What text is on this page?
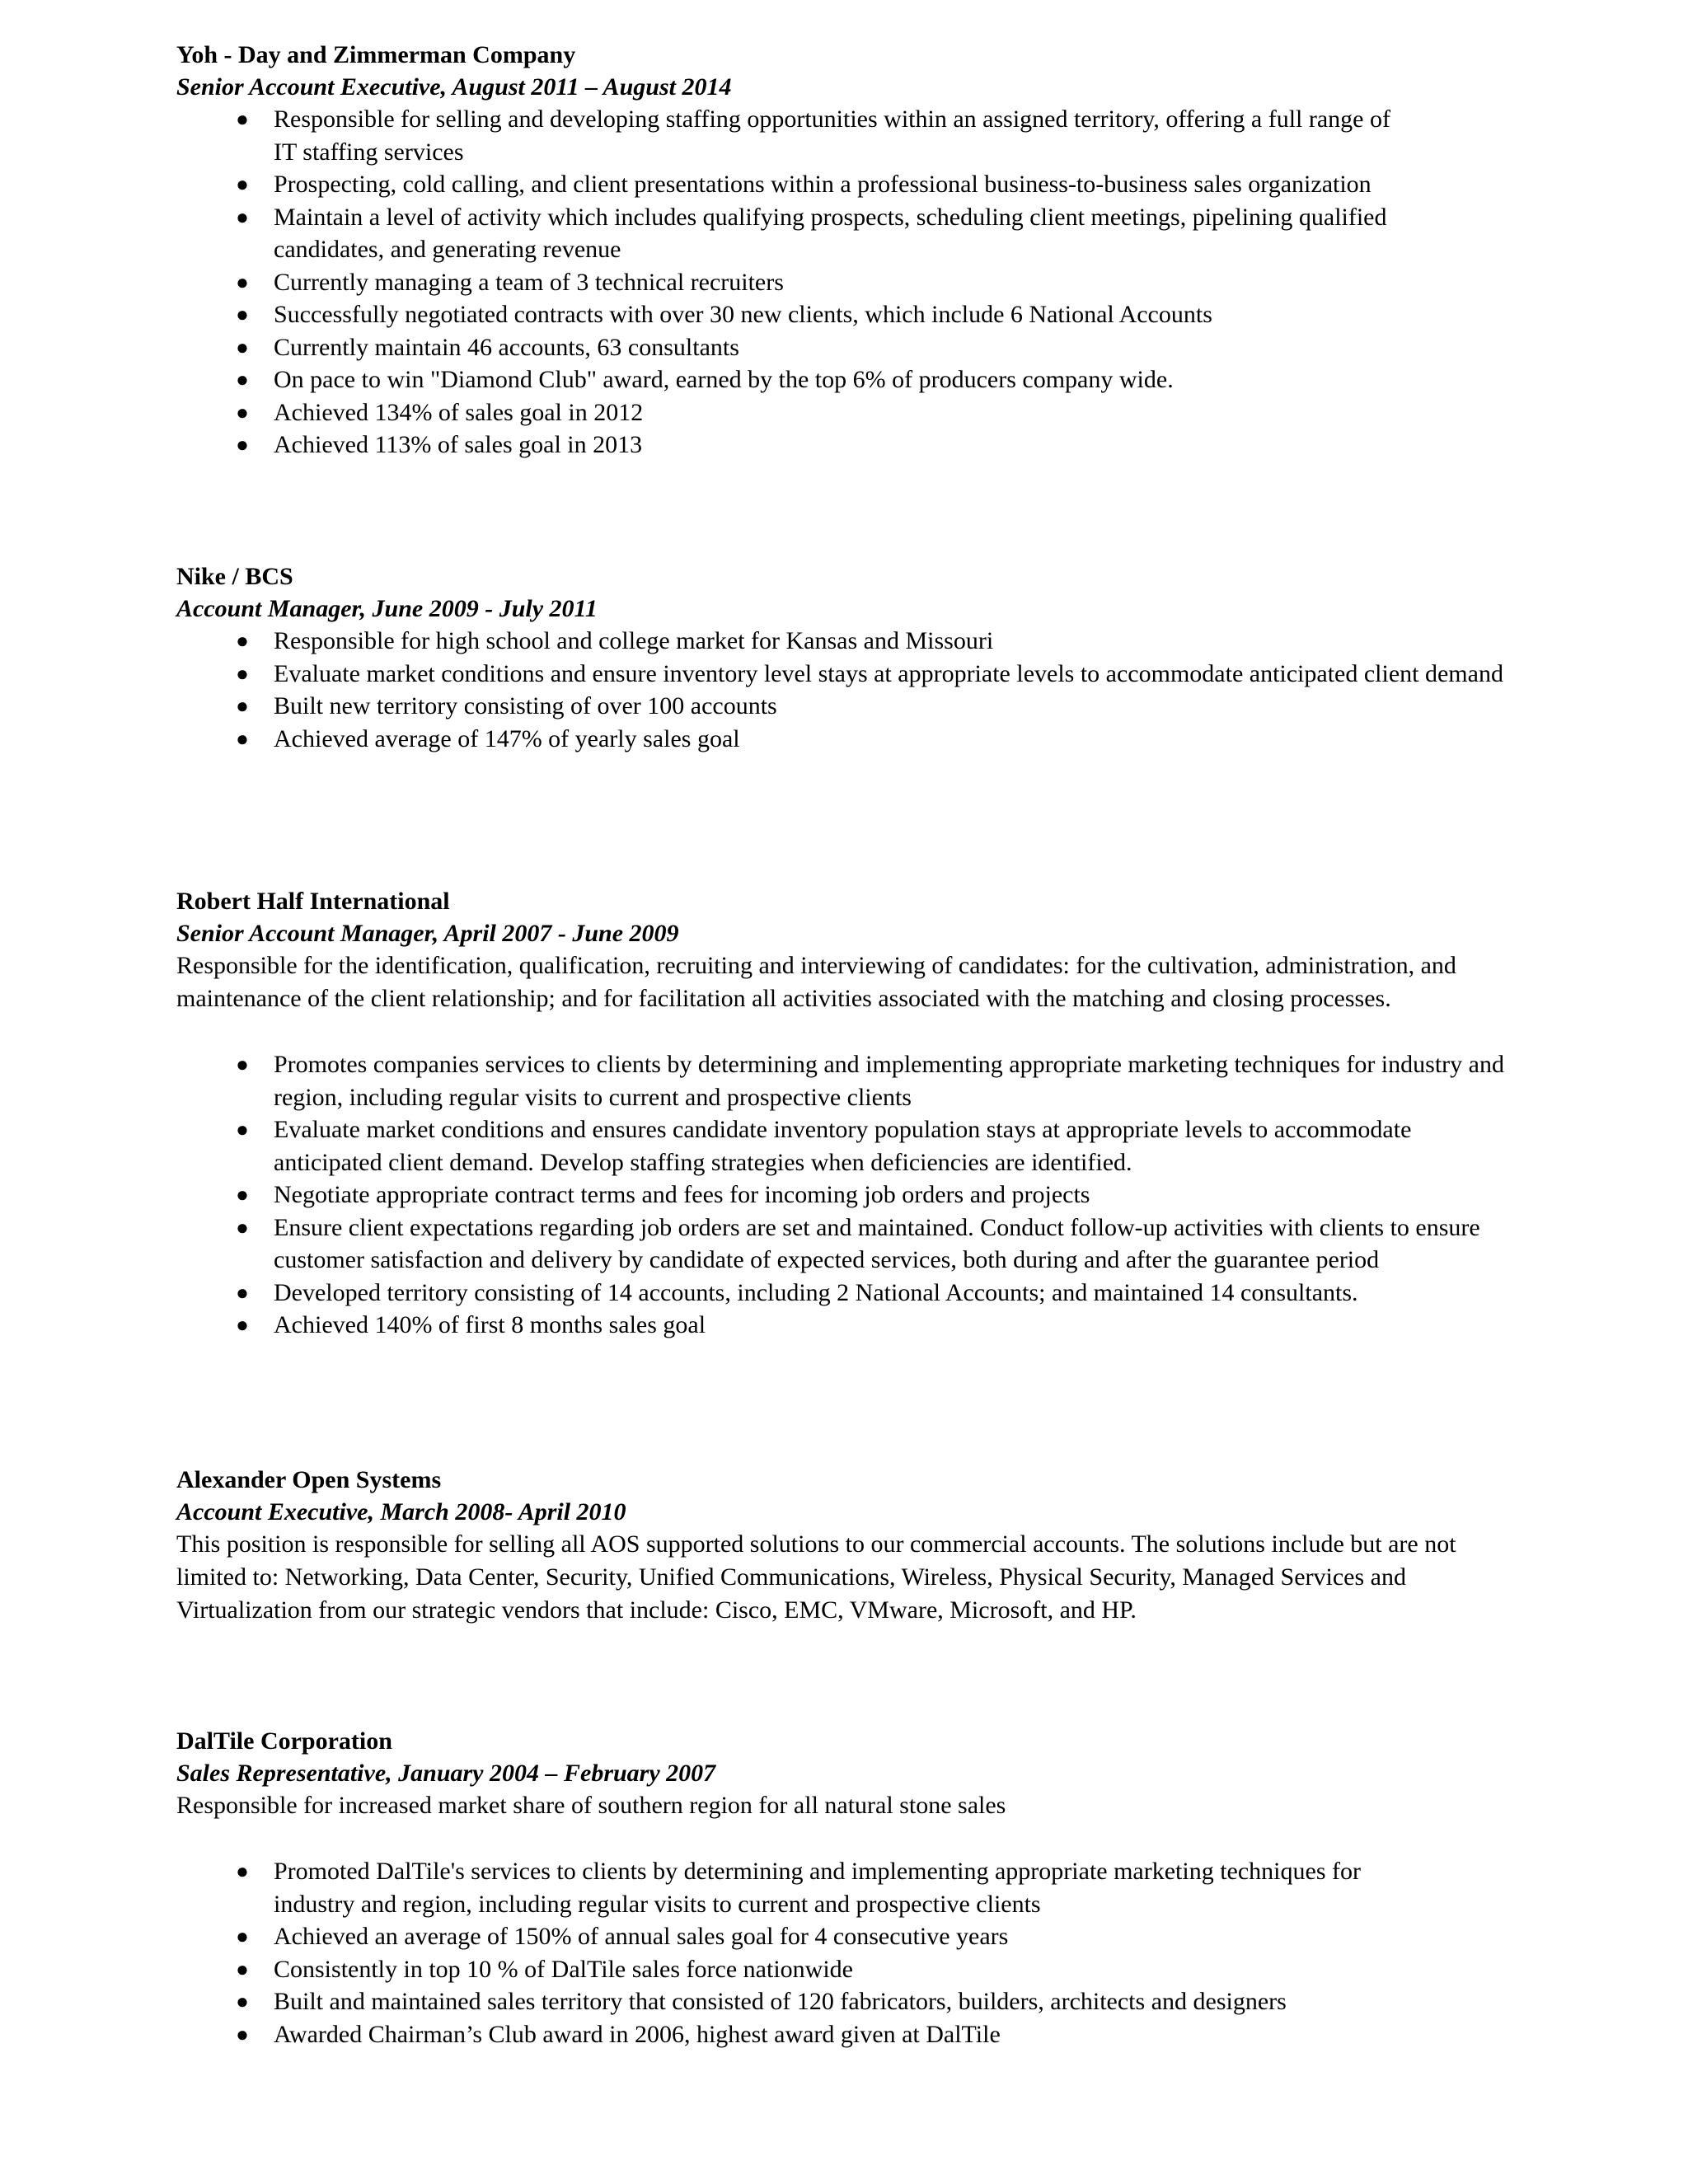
Yoh - Day and Zimmerman Company
Senior Account Executive, August 2011 – August 2014
● Responsible for selling and developing staffing opportunities within an assigned territory, offering a full range of IT staffing services
● Prospecting, cold calling, and client presentations within a professional business-to-business sales organization
● Maintain a level of activity which includes qualifying prospects, scheduling client meetings, pipelining qualified candidates, and generating revenue
● Currently managing a team of 3 technical recruiters
● Successfully negotiated contracts with over 30 new clients, which include 6 National Accounts
● Currently maintain 46 accounts, 63 consultants
● On pace to win "Diamond Club" award, earned by the top 6% of producers company wide.
● Achieved 134% of sales goal in 2012
● Achieved 113% of sales goal in 2013
Nike / BCS
Account Manager, June 2009 - July 2011
● Responsible for high school and college market for Kansas and Missouri
● Evaluate market conditions and ensure inventory level stays at appropriate levels to accommodate anticipated client demand
● Built new territory consisting of over 100 accounts
● Achieved average of 147% of yearly sales goal
Robert Half International
Senior Account Manager, April 2007 - June 2009

Responsible for the identification, qualification, recruiting and interviewing of candidates: for the cultivation, administration, and maintenance of the client relationship; and for facilitation all activities associated with the matching and closing processes.

● Promotes companies services to clients by determining and implementing appropriate marketing techniques for industry and region, including regular visits to current and prospective clients
● Evaluate market conditions and ensures candidate inventory population stays at appropriate levels to accommodate anticipated client demand. Develop staffing strategies when deficiencies are identified.
● Negotiate appropriate contract terms and fees for incoming job orders and projects
● Ensure client expectations regarding job orders are set and maintained. Conduct follow-up activities with clients to ensure customer satisfaction and delivery by candidate of expected services, both during and after the guarantee period
● Developed territory consisting of 14 accounts, including 2 National Accounts; and maintained 14 consultants.
● Achieved 140% of first 8 months sales goal
Alexander Open Systems
Account Executive, March 2008- April 2010

This position is responsible for selling all AOS supported solutions to our commercial accounts. The solutions include but are not limited to: Networking, Data Center, Security, Unified Communications, Wireless, Physical Security, Managed Services and Virtualization from our strategic vendors that include: Cisco, EMC, VMware, Microsoft, and HP.

DalTile Corporation
Sales Representative, January 2004 – February 2007

Responsible for increased market share of southern region for all natural stone sales

● Promoted DalTile's services to clients by determining and implementing appropriate marketing techniques for industry and region, including regular visits to current and prospective clients
● Achieved an average of 150% of annual sales goal for 4 consecutive years
● Consistently in top 10 % of DalTile sales force nationwide
● Built and maintained sales territory that consisted of 120 fabricators, builders, architects and designers
● Awarded Chairman’s Club award in 2006, highest award given at DalTile
